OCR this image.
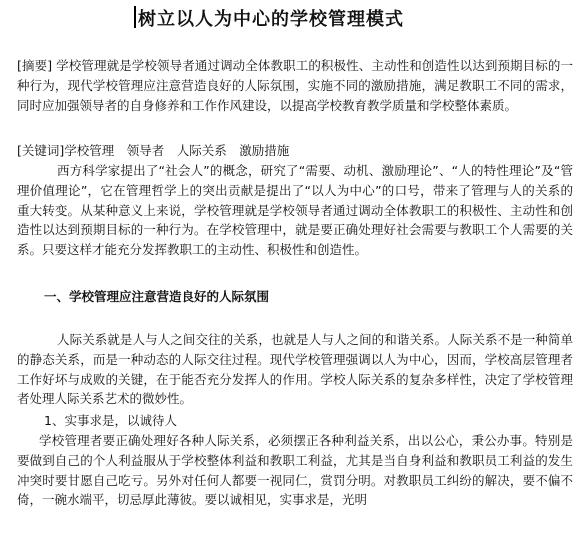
树立以人为中心的学校管理模式
[摘要] 学校管理就是学校领导者通过调动全体教职工的积极性、主动性和创造性以达到预期目标的一种行为，现代学校管理应注意营造良好的人际氛围，实施不同的激励措施，满足教职工不同的需求，同时应加强领导者的自身修养和工作作风建设，以提高学校教育教学质量和学校整体素质。
[关键词]学校管理　领导者　人际关系　激励措施
西方科学家提出了“社会人”的概念，研究了“需要、动机、激励理论”、“人的特性理论”及“管理价值理论”，它在管理哲学上的突出贡献是提出了“以人为中心”的口号，带来了管理与人的关系的重大转变。从某种意义上来说，学校管理就是学校领导者通过调动全体教职工的积极性、主动性和创造性以达到预期目标的一种行为。在学校管理中，就是要正确处理好社会需要与教职工个人需要的关系。只要这样才能充分发挥教职工的主动性、积极性和创造性。
一、学校管理应注意营造良好的人际氛围
人际关系就是人与人之间交往的关系，也就是人与人之间的和谐关系。人际关系不是一种简单的静态关系，而是一种动态的人际交往过程。现代学校管理强调以人为中心，因而，学校高层管理者工作好坏与成败的关键，在于能否充分发挥人的作用。学校人际关系的复杂多样性，决定了学校管理者处理人际关系艺术的微妙性。
1、实事求是，以诚待人
学校管理者要正确处理好各种人际关系，必须摆正各种利益关系，出以公心，秉公办事。特别是要做到自己的个人利益服从于学校整体利益和教职工利益，尤其是当自身利益和教职员工利益的发生冲突时要甘愿自己吃亏。另外对任何人都要一视同仁，赏罚分明。对教职员工纠纷的解决，要不偏不倚，一碗水端平，切忌厚此薄彼。要以诚相见，实事求是，光明
